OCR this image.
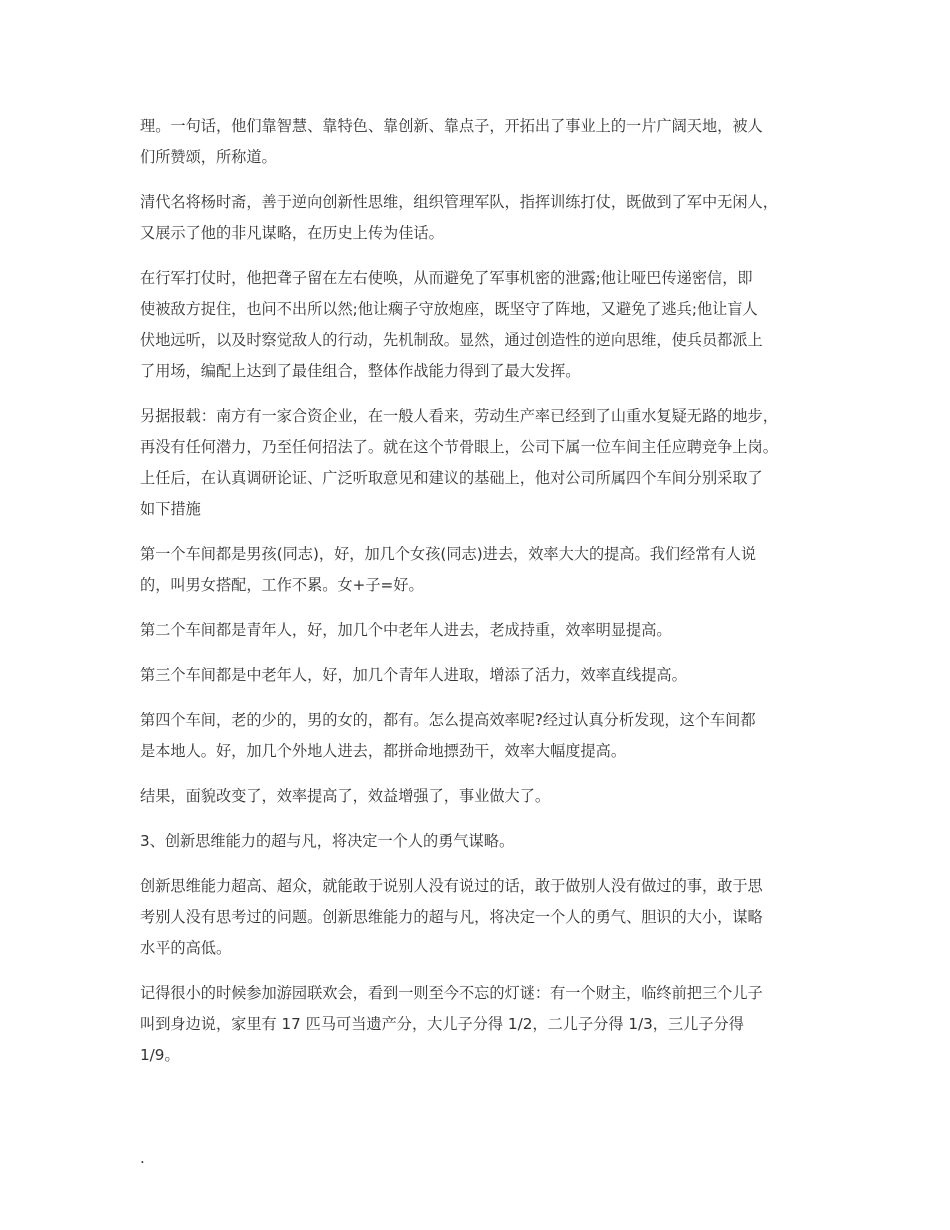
理。一句话，他们靠智慧、靠特色、靠创新、靠点子，开拓出了事业上的一片广阔天地，被人
们所赞颂，所称道。
清代名将杨时斋，善于逆向创新性思维，组织管理军队，指挥训练打仗，既做到了军中无闲人，
又展示了他的非凡谋略，在历史上传为佳话。
在行军打仗时，他把聋子留在左右使唤，从而避免了军事机密的泄露;他让哑巴传递密信，即
使被敌方捉住，也问不出所以然;他让瘸子守放炮座，既坚守了阵地，又避免了逃兵;他让盲人
伏地远听，以及时察觉敌人的行动，先机制敌。显然，通过创造性的逆向思维，使兵员都派上
了用场，编配上达到了最佳组合，整体作战能力得到了最大发挥。
另据报载：南方有一家合资企业，在一般人看来，劳动生产率已经到了山重水复疑无路的地步，
再没有任何潜力，乃至任何招法了。就在这个节骨眼上，公司下属一位车间主任应聘竞争上岗。
上任后，在认真调研论证、广泛听取意见和建议的基础上，他对公司所属四个车间分别采取了
如下措施
第一个车间都是男孩(同志)，好，加几个女孩(同志)进去，效率大大的提高。我们经常有人说
的，叫男女搭配，工作不累。女+子=好。
第二个车间都是青年人，好，加几个中老年人进去，老成持重，效率明显提高。
第三个车间都是中老年人，好，加几个青年人进取，增添了活力，效率直线提高。
第四个车间，老的少的，男的女的，都有。怎么提高效率呢?经过认真分析发现，这个车间都
是本地人。好，加几个外地人进去，都拼命地摽劲干，效率大幅度提高。
结果，面貌改变了，效率提高了，效益增强了，事业做大了。
3、创新思维能力的超与凡，将决定一个人的勇气谋略。
创新思维能力超高、超众，就能敢于说别人没有说过的话，敢于做别人没有做过的事，敢于思
考别人没有思考过的问题。创新思维能力的超与凡，将决定一个人的勇气、胆识的大小，谋略
水平的高低。
记得很小的时候参加游园联欢会，看到一则至今不忘的灯谜：有一个财主，临终前把三个儿子
叫到身边说，家里有 17 匹马可当遗产分，大儿子分得 1/2，二儿子分得 1/3，三儿子分得
1/9。
.
